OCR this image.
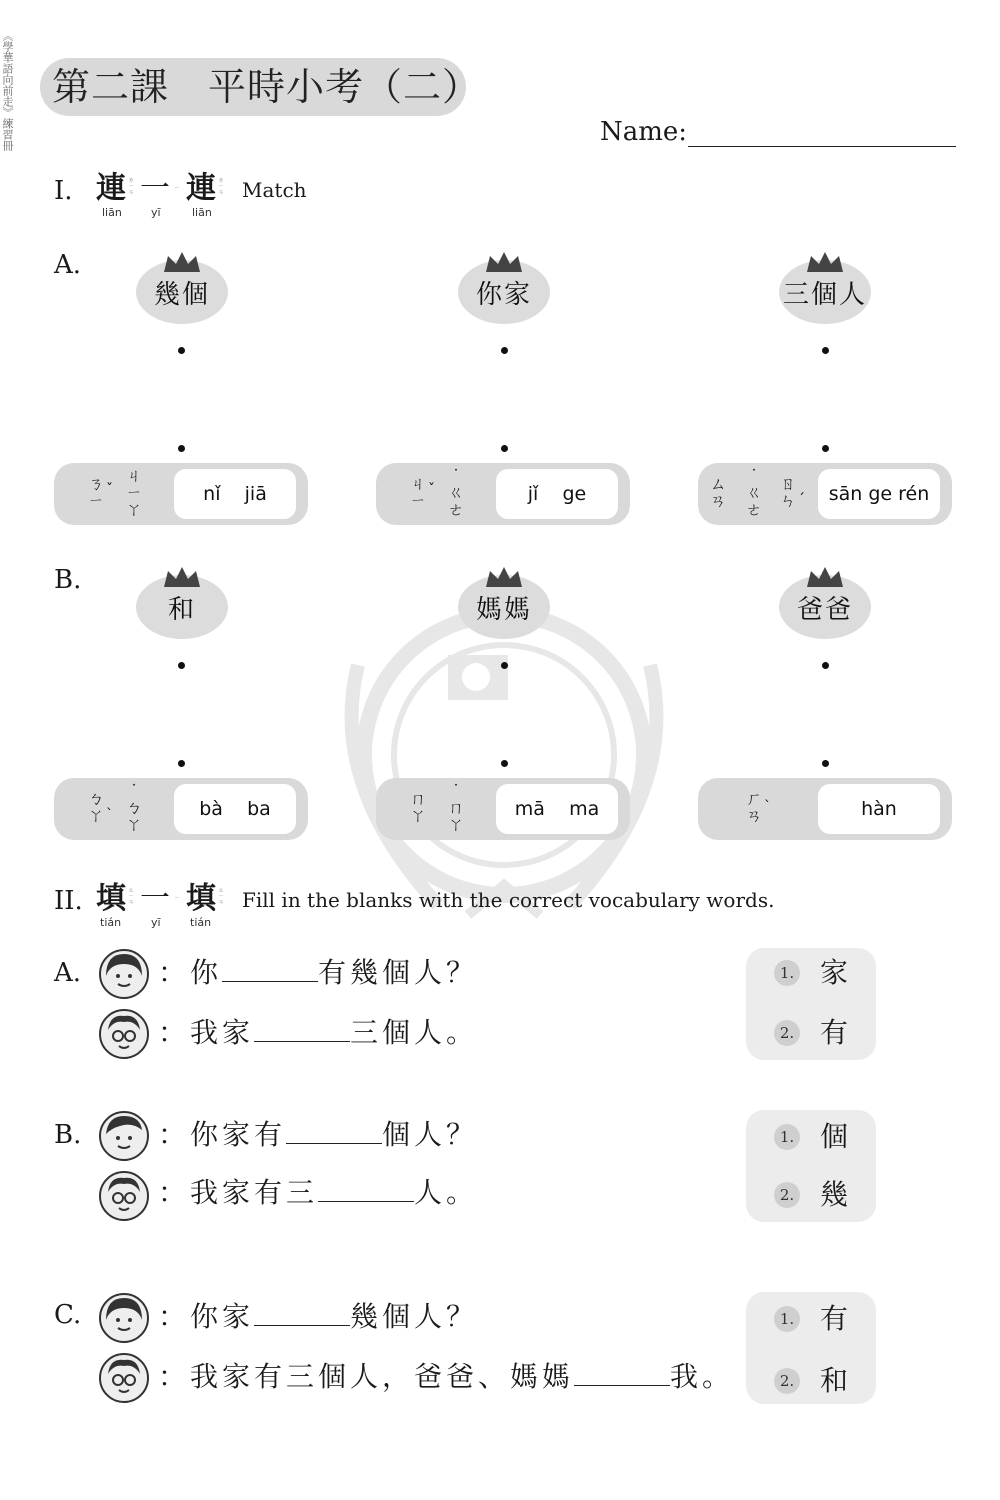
《學華語向前走》練習冊 第二課　平時小考（二）
Name:
I. 連 ㄌㄧㄢ 一 ㄧ 連 ㄌㄧㄢ
liān	yī	liān
Match
A.
幾個	你家	三個人
ㄋ
ㄧ
ˇ
ㄐ
ㄧ
ㄚ
nǐ    jiā	ㄐ
ㄧ
ˇ
˙
ㄍ
ㄜ
jǐ    ge	ㄙ
ㄢ
˙
ㄍ
ㄜ
ㄖ
ㄣ ˊ	sān ge rén
B.
和	媽媽	爸爸
ㄅ
ㄚ ˋ
˙
ㄅ
ㄚ
bà    ba	ㄇ
ㄚ
˙
ㄇ
ㄚ
mā    ma	ㄏ
ㄢ ˋ	hàn
II. 填 ㄊㄧㄢ 一 ㄧ 填 ㄊㄧㄢ
tián	yī	tián
Fill in the blanks with the correct vocabulary words.
A.	：你	有幾個人？
：我家	三個人。
1. 家
2. 有
B.	：你家有	個人？
：我家有三	人。
1. 個
2. 幾
C.	：你家	幾個人？
：我家有三個人，爸爸、媽媽	我。
1. 有
2. 和
